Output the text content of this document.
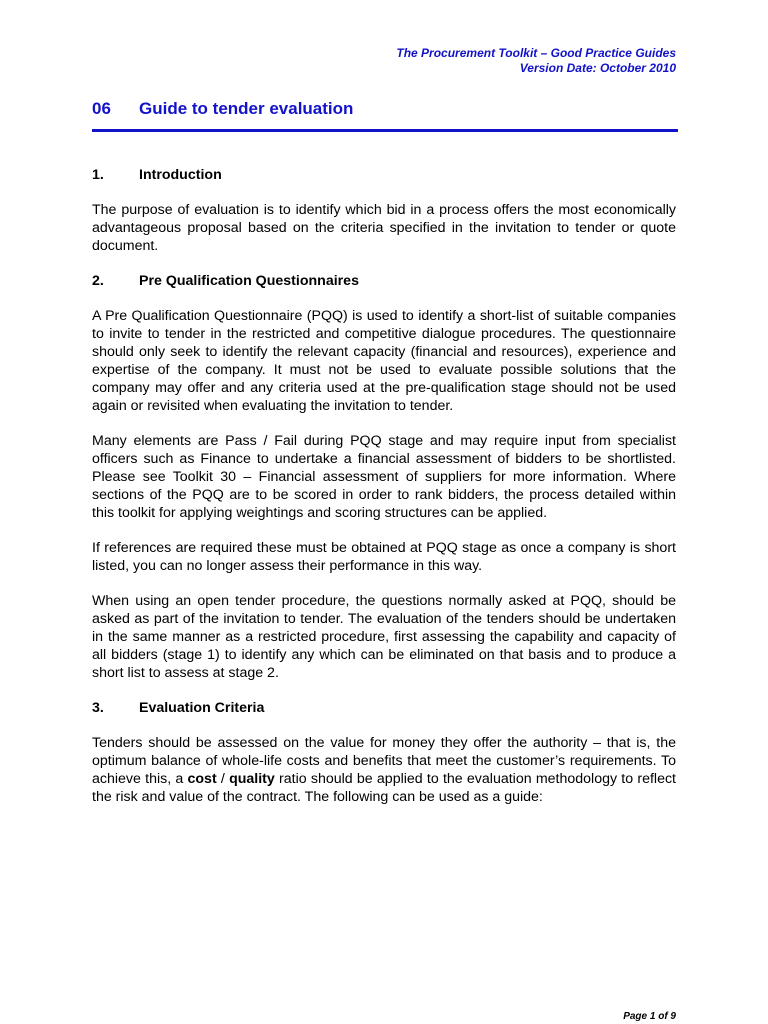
The Procurement Toolkit – Good Practice Guides
Version Date: October 2010
06 Guide to tender evaluation
1. Introduction

The purpose of evaluation is to identify which bid in a process offers the most economically advantageous proposal based on the criteria specified in the invitation to tender or quote document.

2. Pre Qualification Questionnaires

A Pre Qualification Questionnaire (PQQ) is used to identify a short-list of suitable companies to invite to tender in the restricted and competitive dialogue procedures. The questionnaire should only seek to identify the relevant capacity (financial and resources), experience and expertise of the company. It must not be used to evaluate possible solutions that the company may offer and any criteria used at the pre-qualification stage should not be used again or revisited when evaluating the invitation to tender.

Many elements are Pass / Fail during PQQ stage and may require input from specialist officers such as Finance to undertake a financial assessment of bidders to be shortlisted. Please see Toolkit 30 – Financial assessment of suppliers for more information. Where sections of the PQQ are to be scored in order to rank bidders, the process detailed within this toolkit for applying weightings and scoring structures can be applied.

If references are required these must be obtained at PQQ stage as once a company is short listed, you can no longer assess their performance in this way.

When using an open tender procedure, the questions normally asked at PQQ, should be asked as part of the invitation to tender. The evaluation of the tenders should be undertaken in the same manner as a restricted procedure, first assessing the capability and capacity of all bidders (stage 1) to identify any which can be eliminated on that basis and to produce a short list to assess at stage 2.

3. Evaluation Criteria

Tenders should be assessed on the value for money they offer the authority – that is, the optimum balance of whole-life costs and benefits that meet the customer’s requirements. To achieve this, a cost / quality ratio should be applied to the evaluation methodology to reflect the risk and value of the contract. The following can be used as a guide:

Page 1 of 9
